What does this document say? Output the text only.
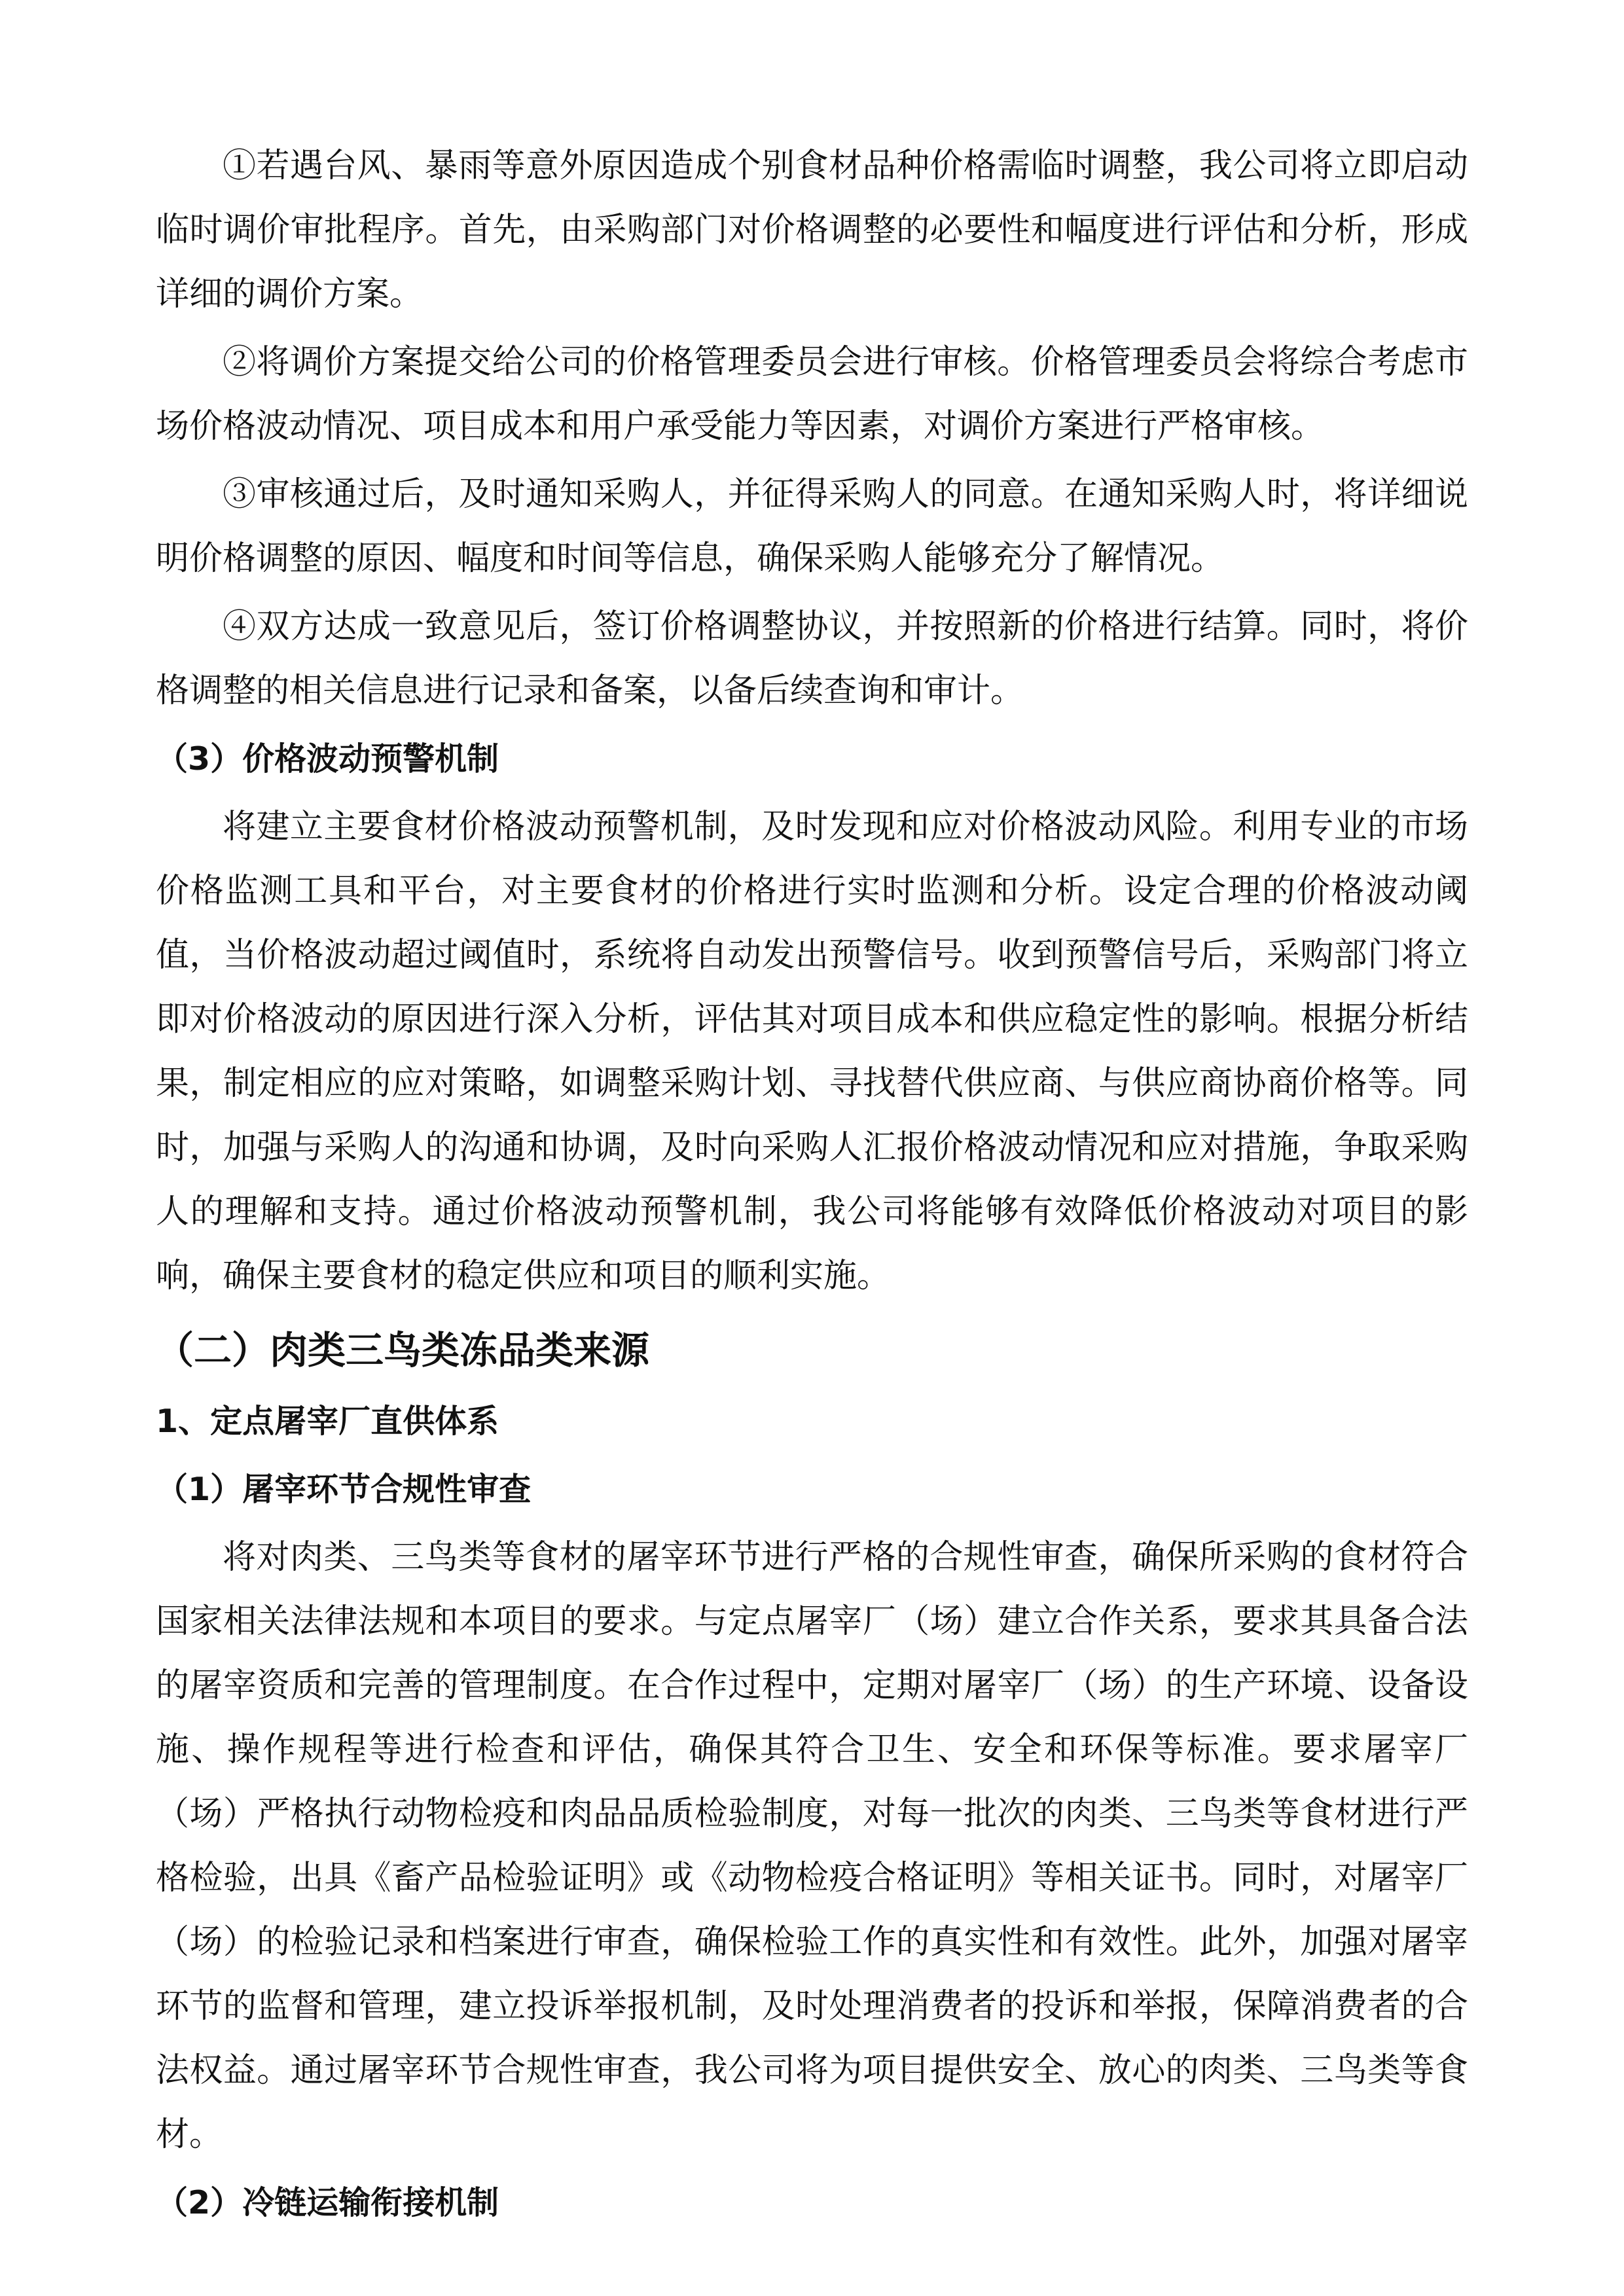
①若遇台风、暴雨等意外原因造成个别食材品种价格需临时调整，我公司将立即启动临时调价审批程序。首先，由采购部门对价格调整的必要性和幅度进行评估和分析，形成详细的调价方案。

②将调价方案提交给公司的价格管理委员会进行审核。价格管理委员会将综合考虑市场价格波动情况、项目成本和用户承受能力等因素，对调价方案进行严格审核。

③审核通过后，及时通知采购人，并征得采购人的同意。在通知采购人时，将详细说明价格调整的原因、幅度和时间等信息，确保采购人能够充分了解情况。

④双方达成一致意见后，签订价格调整协议，并按照新的价格进行结算。同时，将价格调整的相关信息进行记录和备案，以备后续查询和审计。

（3）价格波动预警机制

将建立主要食材价格波动预警机制，及时发现和应对价格波动风险。利用专业的市场价格监测工具和平台，对主要食材的价格进行实时监测和分析。设定合理的价格波动阈值，当价格波动超过阈值时，系统将自动发出预警信号。收到预警信号后，采购部门将立即对价格波动的原因进行深入分析，评估其对项目成本和供应稳定性的影响。根据分析结果，制定相应的应对策略，如调整采购计划、寻找替代供应商、与供应商协商价格等。同时，加强与采购人的沟通和协调，及时向采购人汇报价格波动情况和应对措施，争取采购人的理解和支持。通过价格波动预警机制，我公司将能够有效降低价格波动对项目的影响，确保主要食材的稳定供应和项目的顺利实施。

（二）肉类三鸟类冻品类来源

1、定点屠宰厂直供体系

（1）屠宰环节合规性审查

将对肉类、三鸟类等食材的屠宰环节进行严格的合规性审查，确保所采购的食材符合国家相关法律法规和本项目的要求。与定点屠宰厂（场）建立合作关系，要求其具备合法的屠宰资质和完善的管理制度。在合作过程中，定期对屠宰厂（场）的生产环境、设备设施、操作规程等进行检查和评估，确保其符合卫生、安全和环保等标准。要求屠宰厂（场）严格执行动物检疫和肉品品质检验制度，对每一批次的肉类、三鸟类等食材进行严格检验，出具《畜产品检验证明》或《动物检疫合格证明》等相关证书。同时，对屠宰厂（场）的检验记录和档案进行审查，确保检验工作的真实性和有效性。此外，加强对屠宰环节的监督和管理，建立投诉举报机制，及时处理消费者的投诉和举报，保障消费者的合法权益。通过屠宰环节合规性审查，我公司将为项目提供安全、放心的肉类、三鸟类等食材。

（2）冷链运输衔接机制
